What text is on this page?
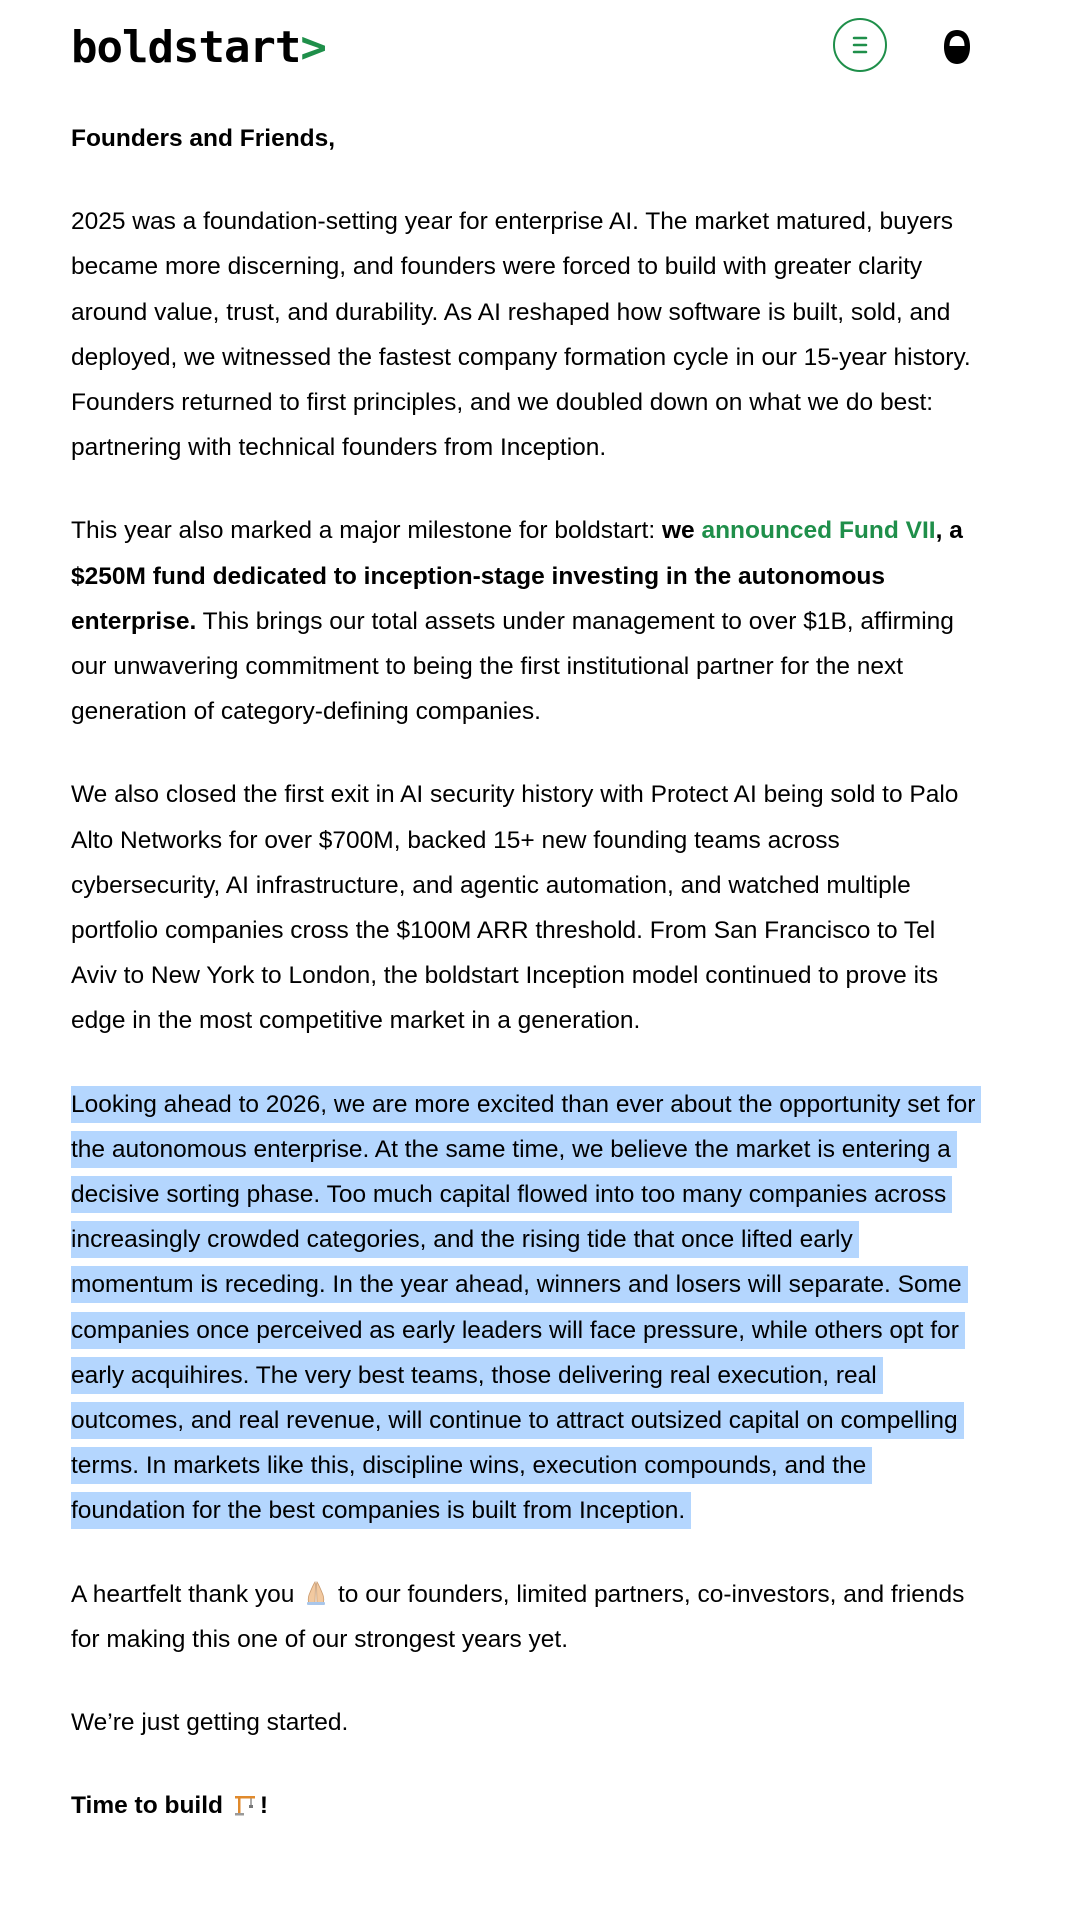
boldstart>

Founders and Friends,

2025 was a foundation-setting year for enterprise AI. The market matured, buyers became more discerning, and founders were forced to build with greater clarity around value, trust, and durability. As AI reshaped how software is built, sold, and deployed, we witnessed the fastest company formation cycle in our 15-year history. Founders returned to first principles, and we doubled down on what we do best: partnering with technical founders from Inception.

This year also marked a major milestone for boldstart: we announced Fund VII, a $250M fund dedicated to inception-stage investing in the autonomous enterprise. This brings our total assets under management to over $1B, affirming our unwavering commitment to being the first institutional partner for the next generation of category-defining companies.

We also closed the first exit in AI security history with Protect AI being sold to Palo Alto Networks for over $700M, backed 15+ new founding teams across cybersecurity, AI infrastructure, and agentic automation, and watched multiple portfolio companies cross the $100M ARR threshold. From San Francisco to Tel Aviv to New York to London, the boldstart Inception model continued to prove its edge in the most competitive market in a generation.

Looking ahead to 2026, we are more excited than ever about the opportunity set for the autonomous enterprise. At the same time, we believe the market is entering a decisive sorting phase. Too much capital flowed into too many companies across increasingly crowded categories, and the rising tide that once lifted early momentum is receding. In the year ahead, winners and losers will separate. Some companies once perceived as early leaders will face pressure, while others opt for early acquihires. The very best teams, those delivering real execution, real outcomes, and real revenue, will continue to attract outsized capital on compelling terms. In markets like this, discipline wins, execution compounds, and the foundation for the best companies is built from Inception.

A heartfelt thank you to our founders, limited partners, co-investors, and friends for making this one of our strongest years yet.

We’re just getting started.

Time to build !
